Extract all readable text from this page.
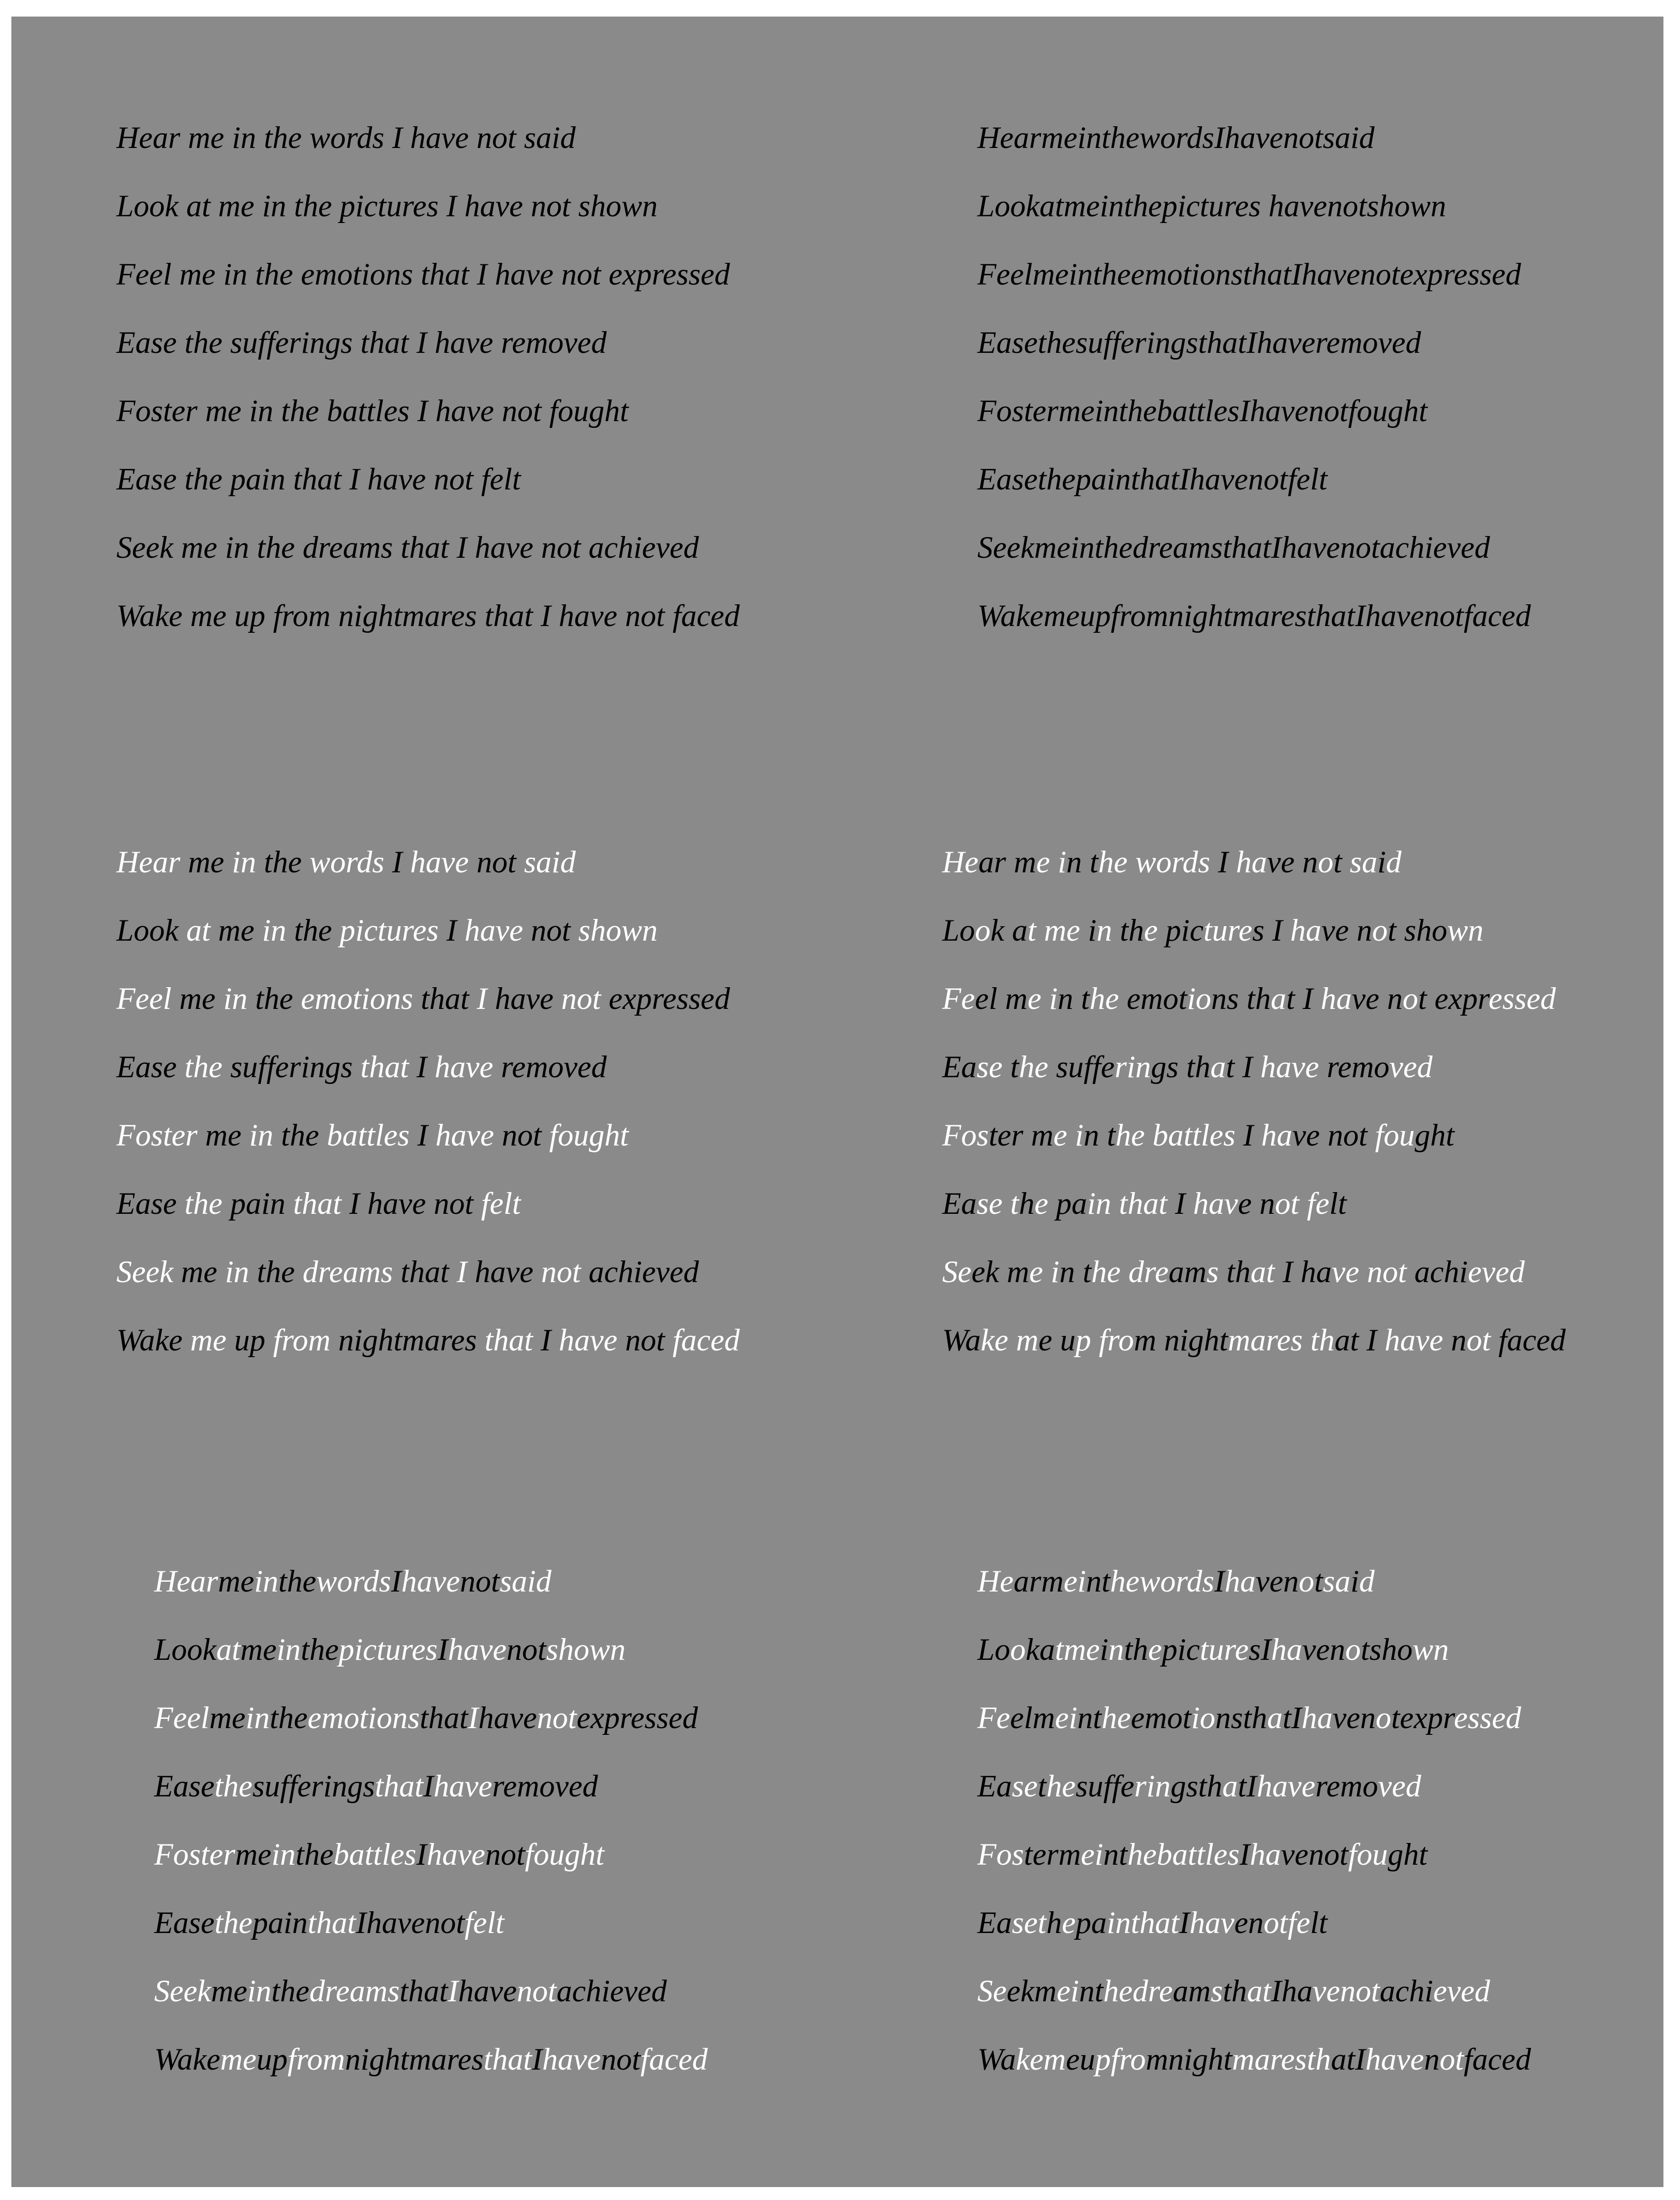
Hear me in the words I have not said
Look at me in the pictures I have not shown
Feel me in the emotions that I have not expressed
Ease the sufferings that I have removed
Foster me in the battles I have not fought
Ease the pain that I have not felt
Seek me in the dreams that I have not achieved
Wake me up from nightmares that I have not faced
HearmeinthewordsIhavenotsaid
Lookatmeinthepictures havenotshown
FeelmeintheemotionsthatIhavenotexpressed
EasethesufferingsthatIhaveremoved
FostermeinthebattlesIhavenotfought
EasethepainthatIhavenotfelt
SeekmeinthedreamsthatIhavenotachieved
WakemeupfromnightmaresthatIhavenotfaced
Hear me in the words I have not said
Look at me in the pictures I have not shown
Feel me in the emotions that I have not expressed
Ease the sufferings that I have removed
Foster me in the battles I have not fought
Ease the pain that I have not felt
Seek me in the dreams that I have not achieved
Wake me up from nightmares that I have not faced
Hear me in the words I have not said
Look at me in the pictures I have not shown
Feel me in the emotions that I have not expressed
Ease the sufferings that I have removed
Foster me in the battles I have not fought
Ease the pain that I have not felt
Seek me in the dreams that I have not achieved
Wake me up from nightmares that I have not faced
HearmeinthewordsIhavenotsaid
LookatmeinthepicturesIhavenotshown
FeelmeintheemotionsthatIhavenotexpressed
EasethesufferingsthatIhaveremoved
FostermeinthebattlesIhavenotfought
EasethepainthatIhavenotfelt
SeekmeinthedreamsthatIhavenotachieved
WakemeupfromnightmaresthatIhavenotfaced
HearmeinthewordsIhavenotsaid
LookatmeinthepicturesIhavenotshown
FeelmeintheemotionsthatIhavenotexpressed
EasethesufferingsthatIhaveremoved
FostermeinthebattlesIhavenotfought
EasethepainthatIhavenotfelt
SeekmeinthedreamsthatIhavenotachieved
WakemeupfromnightmaresthatIhavenotfaced
